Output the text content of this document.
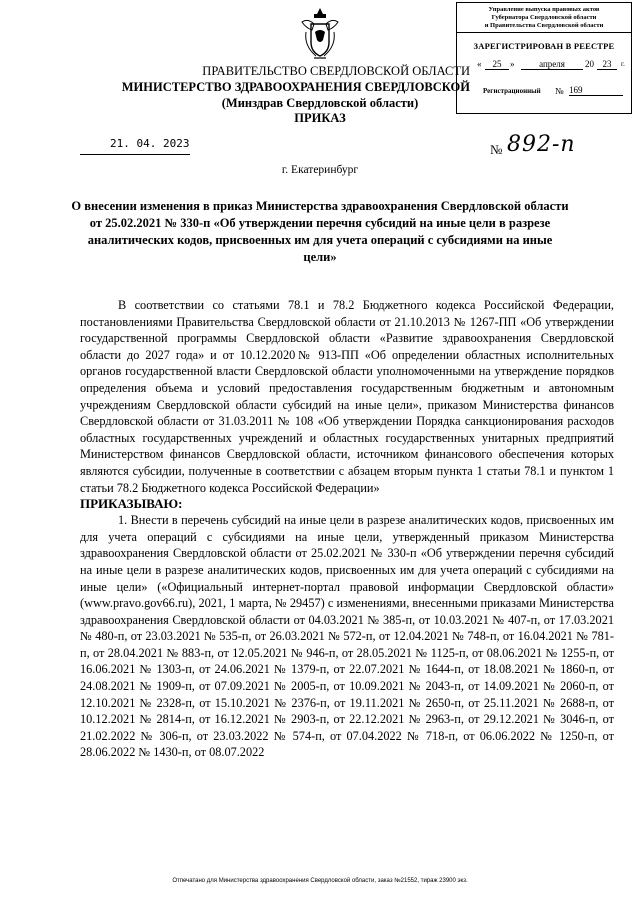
Управление выпуска правовых актов
Губернатора Свердловской области
и Правительства Свердловской области
ЗАРЕГИСТРИРОВАН В РЕЕСТРЕ
«	25 »	апреля	20 23	г.
Регистрационный № 169
ПРАВИТЕЛЬСТВО СВЕРДЛОВСКОЙ ОБЛАСТИ
МИНИСТЕРСТВО ЗДРАВООХРАНЕНИЯ СВЕРДЛОВСКОЙ
(Минздрав Свердловской области)
ПРИКАЗ
21. 04. 2023	№ 892-п
г. Екатеринбург
О внесении изменения в приказ Министерства здравоохранения Свердловской области от 25.02.2021 № 330-п «Об утверждении перечня субсидий на иные цели в разрезе аналитических кодов, присвоенных им для учета операций с субсидиями на иные цели»

В соответствии со статьями 78.1 и 78.2 Бюджетного кодекса Российской Федерации, постановлениями Правительства Свердловской области от 21.10.2013 № 1267-ПП «Об утверждении государственной программы Свердловской области «Развитие здравоохранения Свердловской области до 2027 года» и от 10.12.2020№ 913-ПП «Об определении областных исполнительных органов государственной власти Свердловской области уполномоченными на утверждение порядков определения объема и условий предоставления государственным бюджетным и автономным учреждениям Свердловской области субсидий на иные цели», приказом Министерства финансов Свердловской области от 31.03.2011 № 108 «Об утверждении Порядка санкционирования расходов областных государственных учреждений и областных государственных унитарных предприятий Министерством финансов Свердловской области, источником финансового обеспечения которых являются субсидии, полученные в соответствии с абзацем вторым пункта 1 статьи 78.1 и пунктом 1 статьи 78.2 Бюджетного кодекса Российской Федерации»

ПРИКАЗЫВАЮ:

1. Внести в перечень субсидий на иные цели в разрезе аналитических кодов, присвоенных им для учета операций с субсидиями на иные цели, утвержденный приказом Министерства здравоохранения Свердловской области от 25.02.2021 № 330-п «Об утверждении перечня субсидий на иные цели в разрезе аналитических кодов, присвоенных им для учета операций с субсидиями на иные цели» («Официальный интернет-портал правовой информации Свердловской области» (www.pravo.gov66.ru), 2021, 1 марта, № 29457) с изменениями, внесенными приказами Министерства здравоохранения Свердловской области от 04.03.2021 № 385-п, от 10.03.2021 № 407-п, от 17.03.2021 № 480-п, от 23.03.2021 № 535-п, от 26.03.2021 № 572-п, от 12.04.2021 № 748-п, от 16.04.2021 № 781-п, от 28.04.2021 № 883-п, от 12.05.2021 № 946-п, от 28.05.2021 № 1125-п, от 08.06.2021 № 1255-п, от 16.06.2021 № 1303-п, от 24.06.2021 № 1379-п, от 22.07.2021 № 1644-п, от 18.08.2021 № 1860-п, от 24.08.2021 № 1909-п, от 07.09.2021 № 2005-п, от 10.09.2021 № 2043-п, от 14.09.2021 № 2060-п, от 12.10.2021 № 2328-п, от 15.10.2021 № 2376-п, от 19.11.2021 № 2650-п, от 25.11.2021 № 2688-п, от 10.12.2021 № 2814-п, от 16.12.2021 № 2903-п, от 22.12.2021 № 2963-п, от 29.12.2021 № 3046-п, от 21.02.2022 № 306-п, от 23.03.2022 № 574-п, от 07.04.2022 № 718-п, от 06.06.2022 № 1250-п, от 28.06.2022 № 1430-п, от 08.07.2022

Отпечатано для Министерства здравоохранения Свердловской области, заказ №21552, тираж 23900 экз.
